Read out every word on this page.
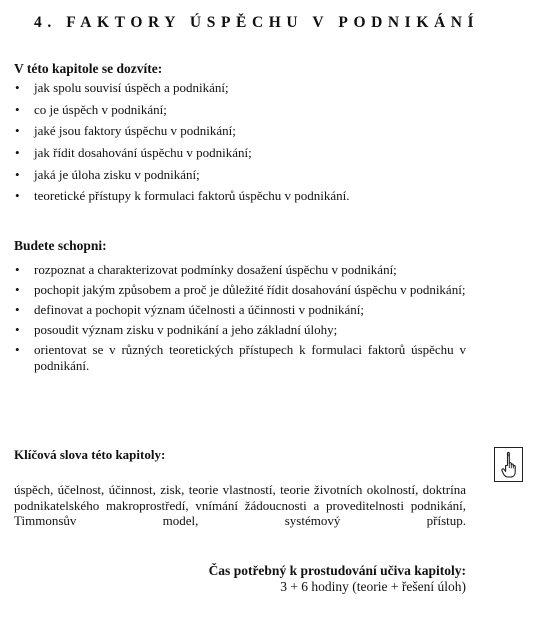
4. FAKTORY ÚSPĚCHU V PODNIKÁNÍ

V této kapitole se dozvíte:

• jak spolu souvisí úspěch a podnikání;
• co je úspěch v podnikání;
• jaké jsou faktory úspěchu v podnikání;
• jak řídit dosahování úspěchu v podnikání;
• jaká je úloha zisku v podnikání;
• teoretické přístupy k formulaci faktorů úspěchu v podnikání.

Budete schopni:

• rozpoznat a charakterizovat podmínky dosažení úspěchu v podnikání;
• pochopit jakým způsobem a proč je důležité řídit dosahování úspěchu v podnikání;
• definovat a pochopit význam účelnosti a účinnosti v podnikání;
• posoudit význam zisku v podnikání a jeho základní úlohy;
• orientovat se v různých teoretických přístupech k formulaci faktorů úspěchu v podnikání.

Klíčová slova této kapitoly:

úspěch, účelnost, účinnost, zisk, teorie vlastností, teorie životních okolností, doktrína podnikatelského makroprostředí, vnímání žádoucnosti a proveditelnosti podnikání, Timmonsův model, systémový přístup.

Čas potřebný k prostudování učiva kapitoly:
3 + 6 hodiny (teorie + řešení úloh)
